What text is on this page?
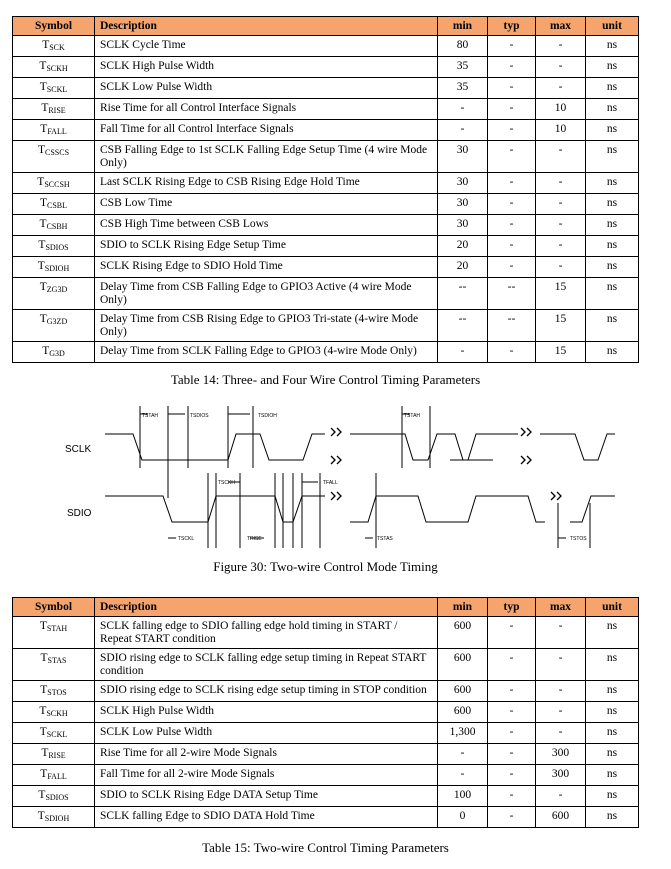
Symbol	Description	min	typ	max	unit
$T_{SCK}$	SCLK Cycle Time	80	-	-	ns
$T_{SCKH}$	SCLK High Pulse Width	35	-	-	ns
$T_{SCKL}$	SCLK Low Pulse Width	35	-	-	ns
$T_{RISE}$	Rise Time for all Control Interface Signals	-	-	10	ns
$T_{FALL}$	Fall Time for all Control Interface Signals	-	-	10	ns
$T_{CSSCS}$	CSB Falling Edge to 1st SCLK Falling Edge Setup Time (4 wire Mode Only)	30	-	-	ns
$T_{SCCSH}$	Last SCLK Rising Edge to CSB Rising Edge Hold Time	30	-	-	ns
$T_{CSBL}$	CSB Low Time	30	-	-	ns
$T_{CSBH}$	CSB High Time between CSB Lows	30	-	-	ns
$T_{SDIOS}$	SDIO to SCLK Rising Edge Setup Time	20	-	-	ns
$T_{SDIOH}$	SCLK Rising Edge to SDIO Hold Time	20	-	-	ns
$T_{ZG3D}$	Delay Time from CSB Falling Edge to GPIO3 Active (4 wire Mode Only)	--	--	15	ns
$T_{G3ZD}$	Delay Time from CSB Rising Edge to GPIO3 Tri-state (4-wire Mode Only)	--	--	15	ns
$T_{G3D}$	Delay Time from SCLK Falling Edge to GPIO3 (4-wire Mode Only)	-	-	15	ns
Table 14: Three- and Four Wire Control Timing Parameters
SCLK
SDIO
TSTAH	TSDIOS	TSDIOH	TSTAH
TSCKH	TFALL
TSCKL	TRISE	TSTAS	TSTOS
Figure 30: Two-wire Control Mode Timing
Symbol	Description	min	typ	max	unit
$T_{STAH}$	SCLK falling edge to SDIO falling edge hold timing in START / Repeat START condition	600	-	-	ns
$T_{STAS}$	SDIO rising edge to SCLK falling edge setup timing in Repeat START condition	600	-	-	ns
$T_{STOS}$	SDIO rising edge to SCLK rising edge setup timing in STOP condition	600	-	-	ns
$T_{SCKH}$	SCLK High Pulse Width	600	-	-	ns
$T_{SCKL}$	SCLK Low Pulse Width	1,300	-	-	ns
$T_{RISE}$	Rise Time for all 2-wire Mode Signals	-	-	300	ns
$T_{FALL}$	Fall Time for all 2-wire Mode Signals	-	-	300	ns
$T_{SDIOS}$	SDIO to SCLK Rising Edge DATA Setup Time	100	-	-	ns
$T_{SDIOH}$	SCLK falling Edge to SDIO DATA Hold Time	0	-	600	ns
Table 15: Two-wire Control Timing Parameters
